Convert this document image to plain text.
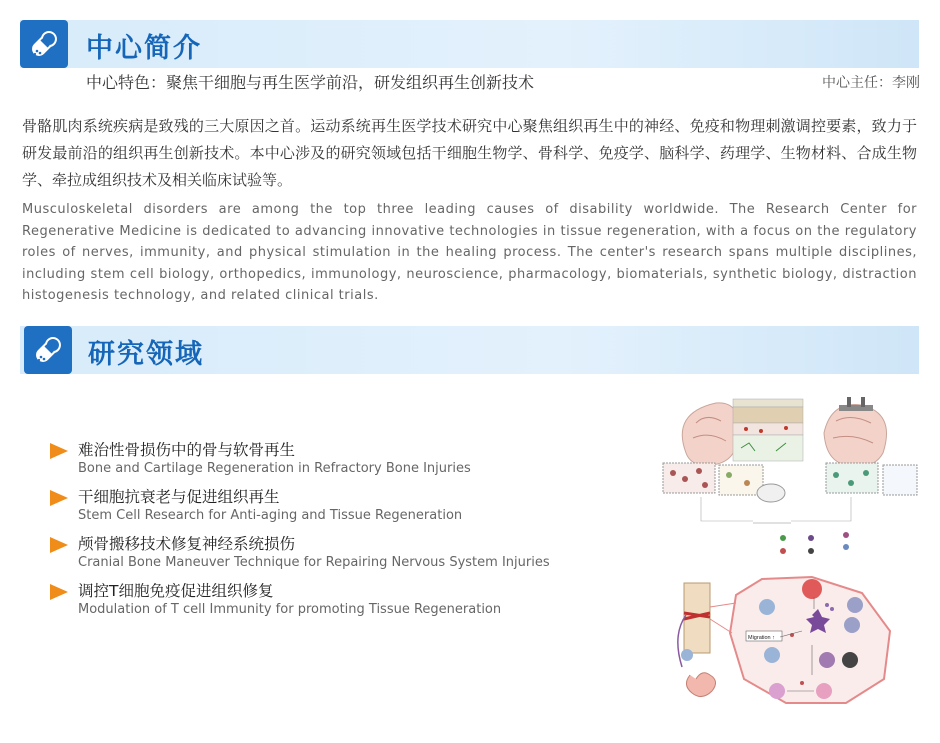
中心简介
中心特色：聚焦干细胞与再生医学前沿，研发组织再生创新技术	中心主任：李刚
骨骼肌肉系统疾病是致残的三大原因之首。运动系统再生医学技术研究中心聚焦组织再生中的神经、免疫和物理刺激调控要素，致力于研发最前沿的组织再生创新技术。本中心涉及的研究领域包括干细胞生物学、骨科学、免疫学、脑科学、药理学、生物材料、合成生物学、牵拉成组织技术及相关临床试验等。
Musculoskeletal disorders are among the top three leading causes of disability worldwide. The Research Center for Regenerative Medicine is dedicated to advancing innovative technologies in tissue regeneration, with a focus on the regulatory roles of nerves, immunity, and physical stimulation in the healing process. The center's research spans multiple disciplines, including stem cell biology, orthopedics, immunology, neuroscience, pharmacology, biomaterials, synthetic biology, distraction histogenesis technology, and related clinical trials.
研究领域
难治性骨损伤中的骨与软骨再生
Bone and Cartilage Regeneration in Refractory Bone Injuries
干细胞抗衰老与促进组织再生
Stem Cell Research for Anti-aging and Tissue Regeneration
颅骨搬移技术修复神经系统损伤
Cranial Bone Maneuver Technique for Repairing Nervous System Injuries
调控T细胞免疫促进组织修复
Modulation of T cell Immunity for promoting Tissue Regeneration
Migration ↑
